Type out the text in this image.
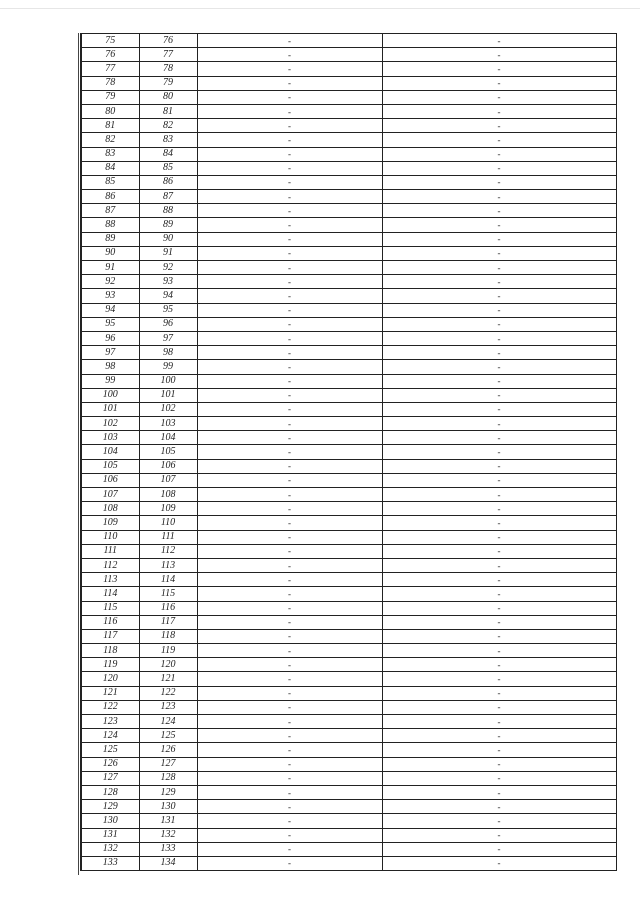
75	76	-	-
76	77	-	-
77	78	-	-
78	79	-	-
79	80	-	-
80	81	-	-
81	82	-	-
82	83	-	-
83	84	-	-
84	85	-	-
85	86	-	-
86	87	-	-
87	88	-	-
88	89	-	-
89	90	-	-
90	91	-	-
91	92	-	-
92	93	-	-
93	94	-	-
94	95	-	-
95	96	-	-
96	97	-	-
97	98	-	-
98	99	-	-
99	100	-	-
100	101	-	-
101	102	-	-
102	103	-	-
103	104	-	-
104	105	-	-
105	106	-	-
106	107	-	-
107	108	-	-
108	109	-	-
109	110	-	-
110	111	-	-
111	112	-	-
112	113	-	-
113	114	-	-
114	115	-	-
115	116	-	-
116	117	-	-
117	118	-	-
118	119	-	-
119	120	-	-
120	121	-	-
121	122	-	-
122	123	-	-
123	124	-	-
124	125	-	-
125	126	-	-
126	127	-	-
127	128	-	-
128	129	-	-
129	130	-	-
130	131	-	-
131	132	-	-
132	133	-	-
133	134	-	-
